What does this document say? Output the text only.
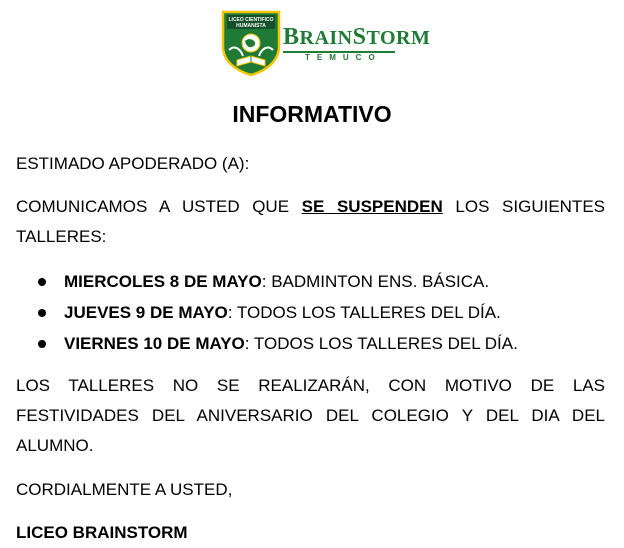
LICEO CIENTIFICO
HUMANISTA BRAINSTORM
TEMUCO
INFORMATIVO

ESTIMADO APODERADO (A):

COMUNICAMOS A USTED QUE SE SUSPENDEN LOS SIGUIENTES TALLERES:

MIERCOLES 8 DE MAYO: BADMINTON ENS. BÁSICA.
JUEVES 9 DE MAYO: TODOS LOS TALLERES DEL DÍA.
VIERNES 10 DE MAYO: TODOS LOS TALLERES DEL DÍA.

LOS TALLERES NO SE REALIZARÁN, CON MOTIVO DE LAS FESTIVIDADES DEL ANIVERSARIO DEL COLEGIO Y DEL DIA DEL ALUMNO.

CORDIALMENTE A USTED,

LICEO BRAINSTORM
